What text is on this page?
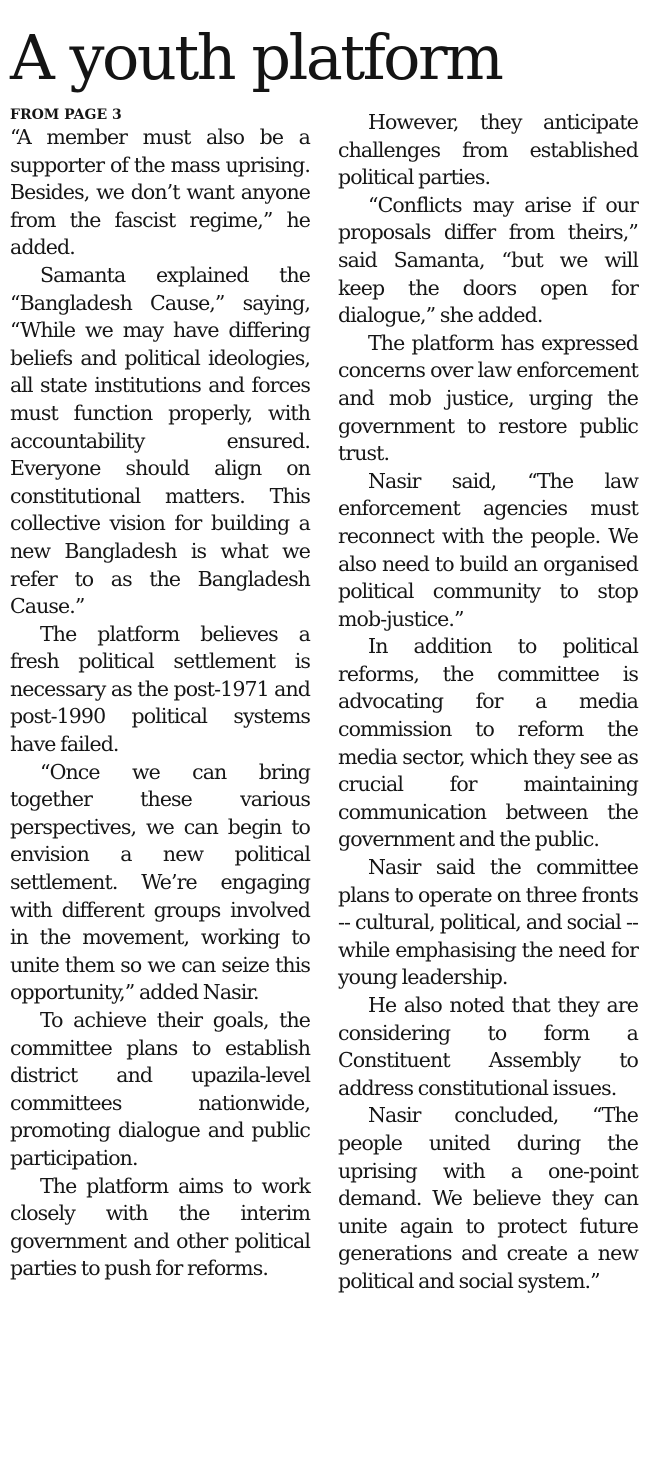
A youth platform
FROM PAGE 3

“A member must also be a supporter of the mass uprising. Besides, we don’t want anyone from the fascist regime,” he added.

Samanta explained the “Bangladesh Cause,” saying, “While we may have differing beliefs and political ideologies, all state institutions and forces must function properly, with accountability ensured. Everyone should align on constitutional matters. This collective vision for building a new Bangladesh is what we refer to as the Bangladesh Cause.”

The platform believes a fresh political settlement is necessary as the post-1971 and post-1990 political systems have failed.

“Once we can bring together these various perspectives, we can begin to envision a new political settlement. We’re engaging with different groups involved in the movement, working to unite them so we can seize this opportunity,” added Nasir.

To achieve their goals, the committee plans to establish district and upazila-level committees nationwide, promoting dialogue and public participation.

The platform aims to work closely with the interim government and other political parties to push for reforms.

However, they anticipate challenges from established political parties.

“Conflicts may arise if our proposals differ from theirs,” said Samanta, “but we will keep the doors open for dialogue,” she added.

The platform has expressed concerns over law enforcement and mob justice, urging the government to restore public trust.

Nasir said, “The law enforcement agencies must reconnect with the people. We also need to build an organised political community to stop mob-justice.”

In addition to political reforms, the committee is advocating for a media commission to reform the media sector, which they see as crucial for maintaining communication between the government and the public.

Nasir said the committee plans to operate on three fronts -- cultural, political, and social -- while emphasising the need for young leadership.

He also noted that they are considering to form a Constituent Assembly to address constitutional issues.

Nasir concluded, “The people united during the uprising with a one-point demand. We believe they can unite again to protect future generations and create a new political and social system.”
